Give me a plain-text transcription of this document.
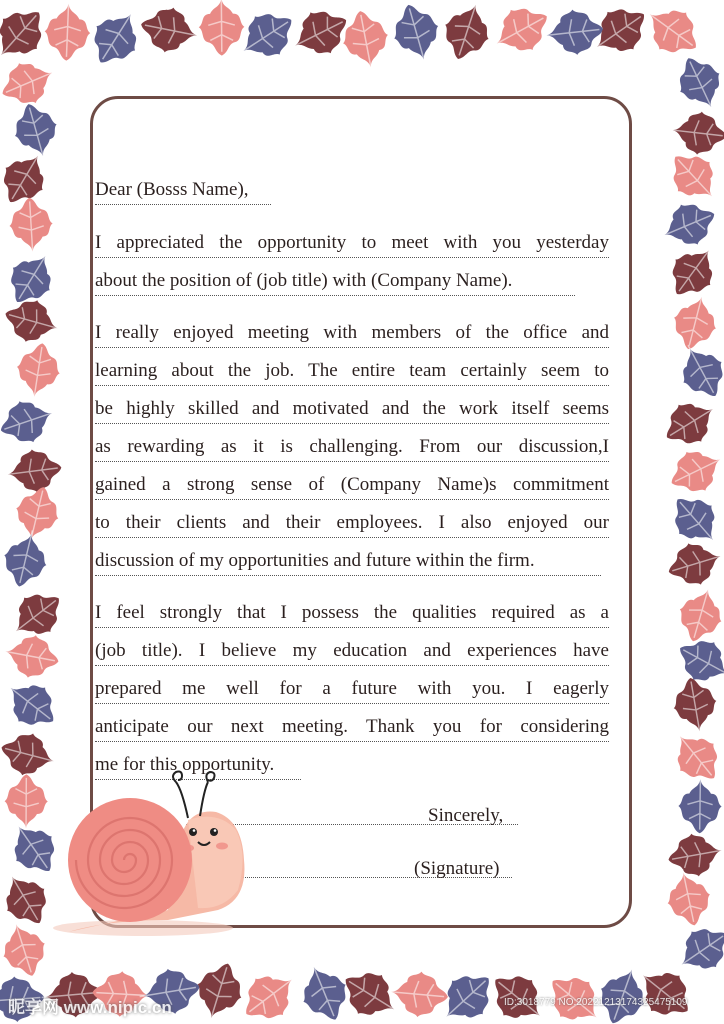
Dear (Bosss Name),
I appreciated the opportunity to meet with you yesterday
about the position of (job title) with (Company Name).
I really enjoyed meeting with members of the office and
learning about the job. The entire team certainly seem to
be highly skilled and motivated and the work itself seems
as rewarding as it is challenging. From our discussion,I
gained a strong sense of (Company Name)s commitment
to their clients and their employees. I also enjoyed our
discussion of my opportunities and future within the firm.
I feel strongly that I possess the qualities required as a
(job title). I believe my education and experiences have
prepared me well for a future with you. I eagerly
anticipate our next meeting. Thank you for considering
me for this opportunity.
Sincerely,
(Signature)
昵享网 www.nipic.cn	ID:3018779 NO:20221213174325475109
